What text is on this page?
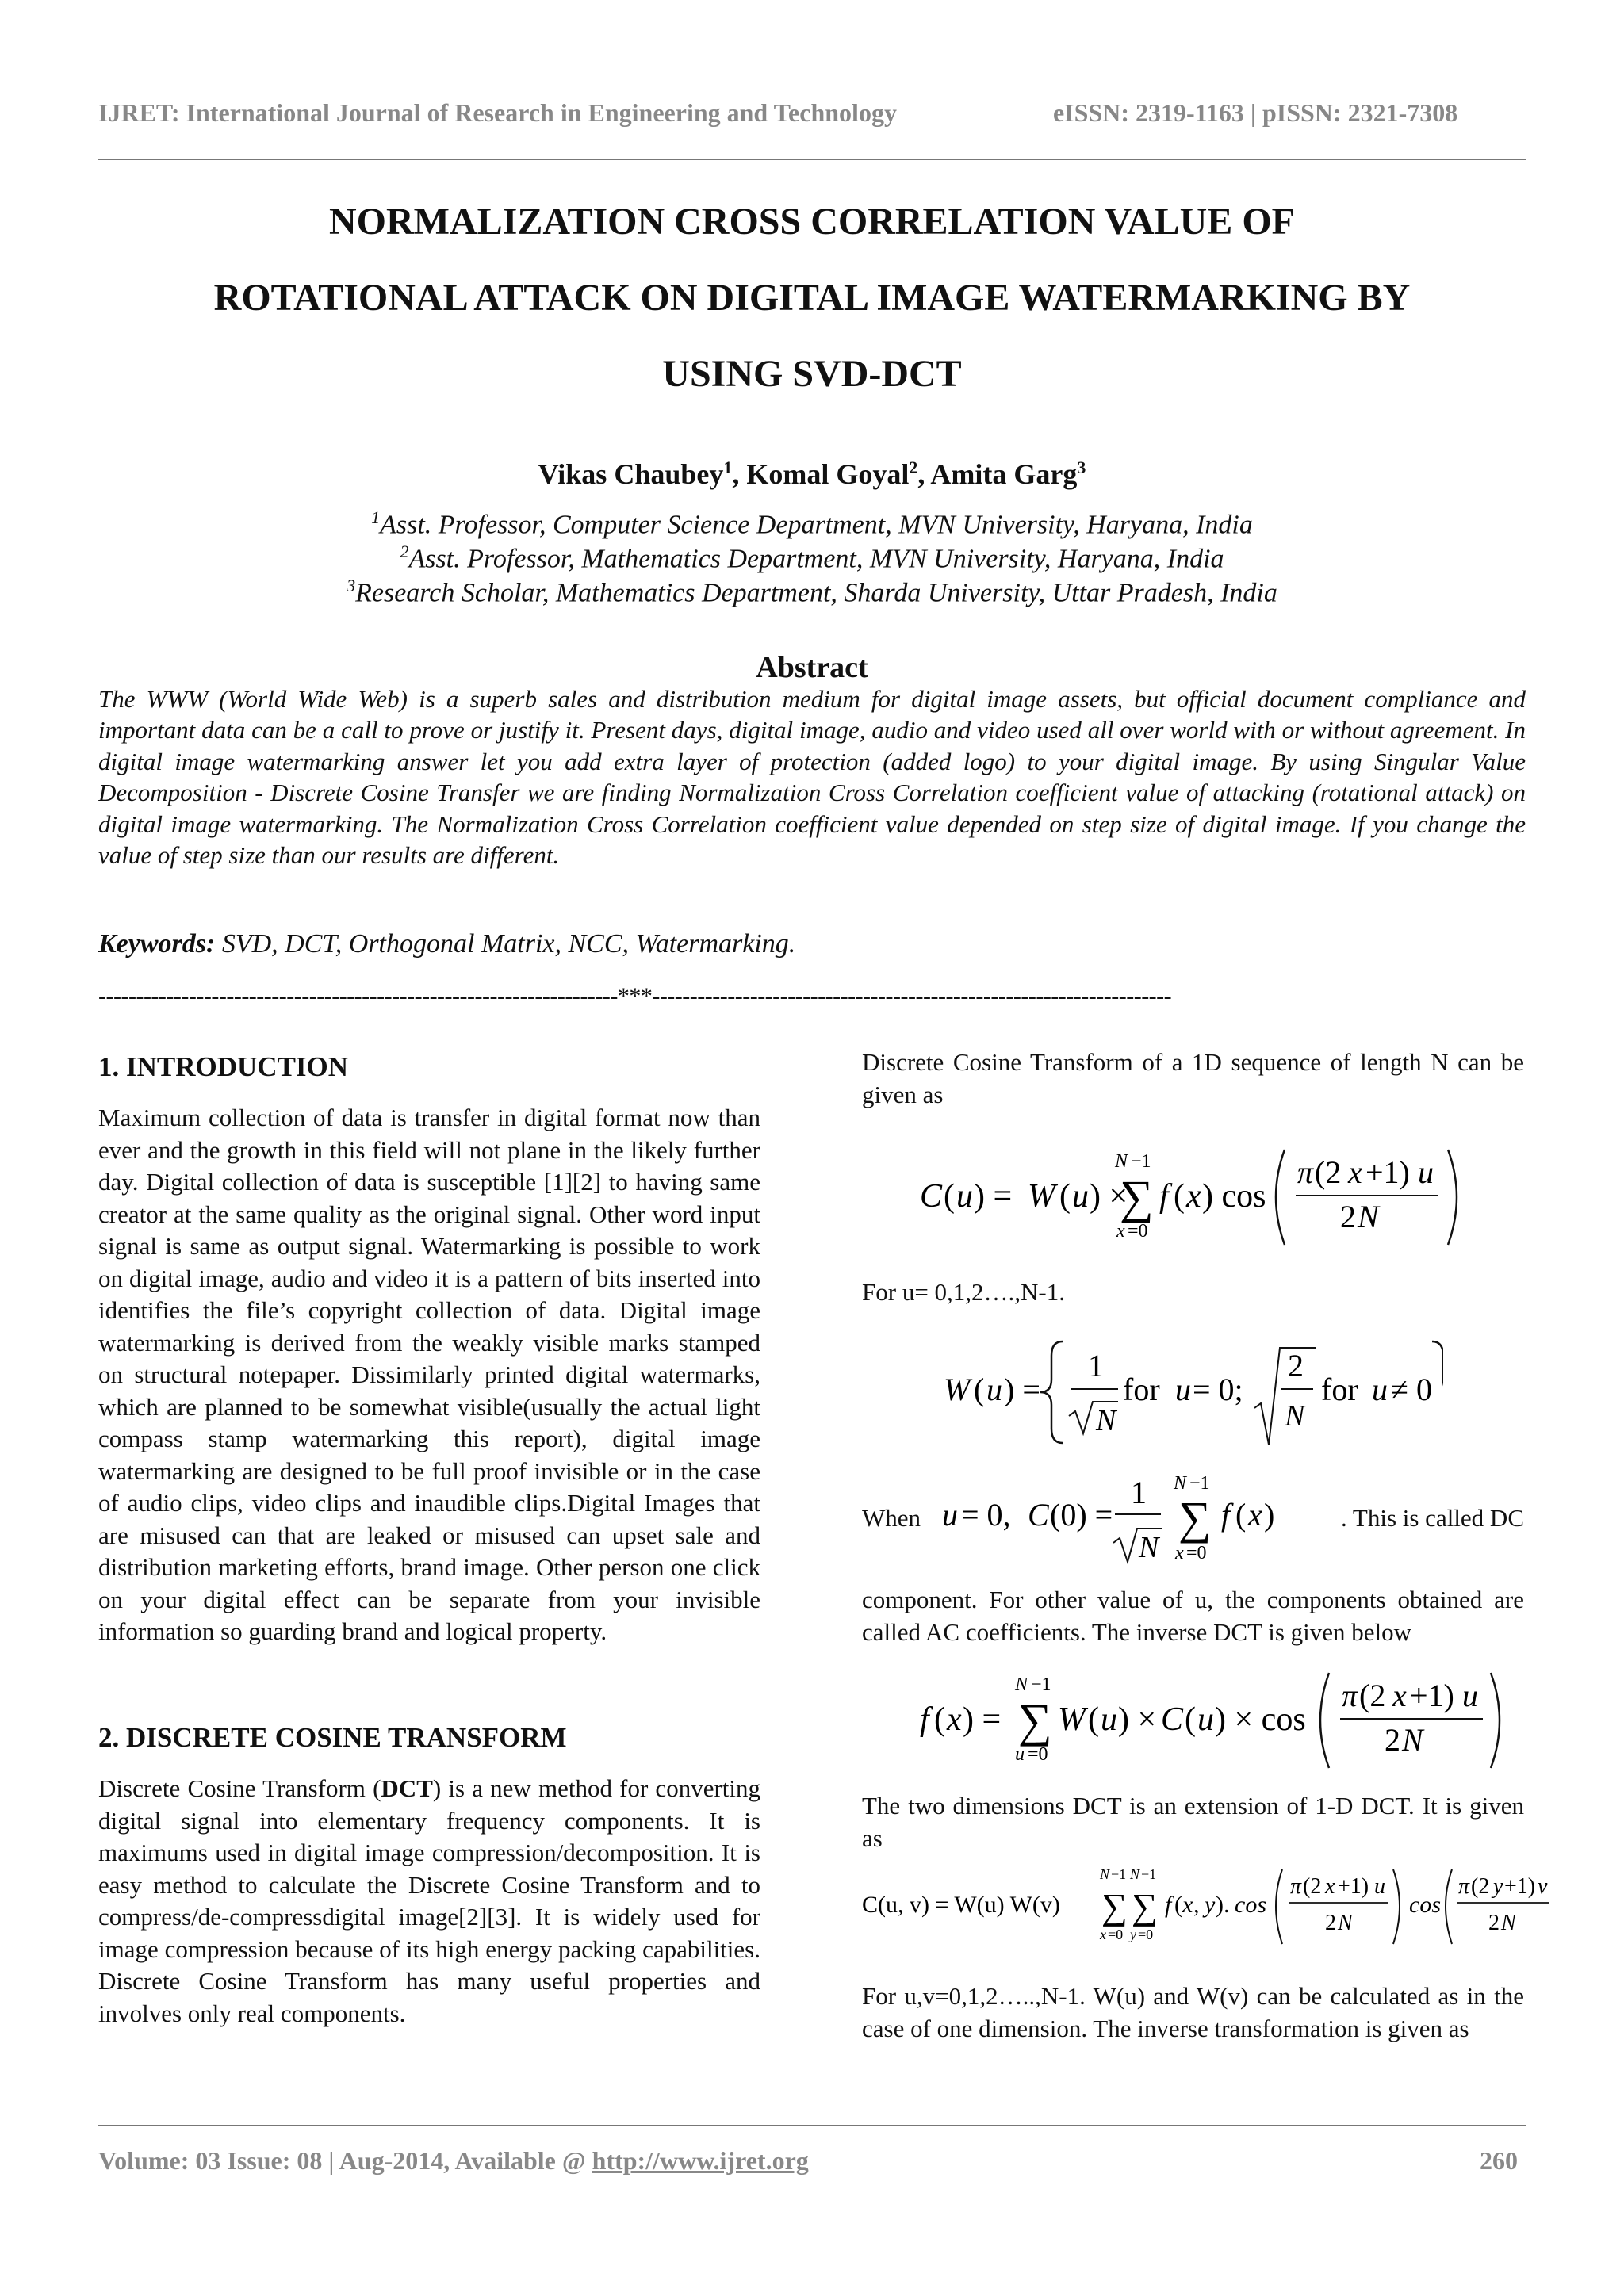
IJRET: International Journal of Research in Engineering and Technology	eISSN: 2319-1163 | pISSN: 2321-7308
NORMALIZATION CROSS CORRELATION VALUE OF
ROTATIONAL ATTACK ON DIGITAL IMAGE WATERMARKING BY
USING SVD-DCT
Vikas Chaubey$^1$, Komal Goyal$^2$, Amita Garg$^3$
$^1$Asst. Professor, Computer Science Department, MVN University, Haryana, India
$^2$Asst. Professor, Mathematics Department, MVN University, Haryana, India
$^3$Research Scholar, Mathematics Department, Sharda University, Uttar Pradesh, India
Abstract
The WWW (World Wide Web) is a superb sales and distribution medium for digital image assets, but official document compliance and important data can be a call to prove or justify it. Present days, digital image, audio and video used all over world with or without agreement. In digital image watermarking answer let you add extra layer of protection (added logo) to your digital image. By using Singular Value Decomposition - Discrete Cosine Transfer we are finding Normalization Cross Correlation coefficient value of attacking (rotational attack) on digital image watermarking. The Normalization Cross Correlation coefficient value depended on step size of digital image. If you change the value of step size than our results are different.
Keywords: SVD, DCT, Orthogonal Matrix, NCC, Watermarking.
---------------------------------------------------------------------***---------------------------------------------------------------------
1. INTRODUCTION
Maximum collection of data is transfer in digital format now than ever and the growth in this field will not plane in the likely further day. Digital collection of data is susceptible [1][2] to having same creator at the same quality as the original signal. Other word input signal is same as output signal. Watermarking is possible to work on digital image, audio and video it is a pattern of bits inserted into identifies the file’s copyright collection of data. Digital image watermarking is derived from the weakly visible marks stamped on structural notepaper. Dissimilarly printed digital watermarks, which are planned to be somewhat visible(usually the actual light compass stamp watermarking this report), digital image watermarking are designed to be full proof invisible or in the case of audio clips, video clips and inaudible clips.Digital Images that are misused can that are leaked or misused can upset sale and distribution marketing efforts, brand image. Other person one click on your digital effect can be separate from your invisible information so guarding brand and logical property.
2. DISCRETE COSINE TRANSFORM
Discrete Cosine Transform (DCT) is a new method for converting digital signal into elementary frequency components. It is maximums used in digital image compression/decomposition. It is easy method to calculate the Discrete Cosine Transform and to compress/de-compressdigital image[2][3]. It is widely used for image compression because of its high energy packing capabilities. Discrete Cosine Transform has many useful properties and involves only real components.
Discrete Cosine Transform of a 1D sequence of length N can be given as
C ( u ) = W ( u ) ×
N −1
∑
x =0
f ( x ) cos
π (2 x +1) u
2 N
For u= 0,1,2….,N-1.
W ( u ) =
1
N
for u = 0;
2
N
for u ≠ 0
When	. This is called DC
u = 0, C (0) =
1
N
N −1
∑
x =0
f ( x )
component. For other value of u, the components obtained are called AC coefficients. The inverse DCT is given below
f ( x ) =
N −1
∑
u =0
W ( u ) × C ( u ) × cos
π (2 x +1) u
2 N
The two dimensions DCT is an extension of 1-D DCT. It is given as
C(u, v) = W(u) W(v)
N −1
∑
x =0
N −1
∑
y =0
f ( x , y ). cos
π (2 x +1) u
2 N
cos
π (2 y +1) v
2 N
For u,v=0,1,2…..,N-1. W(u) and W(v) can be calculated as in the case of one dimension. The inverse transformation is given as
Volume: 03 Issue: 08 | Aug-2014, Available @ http://www.ijret.org	260
